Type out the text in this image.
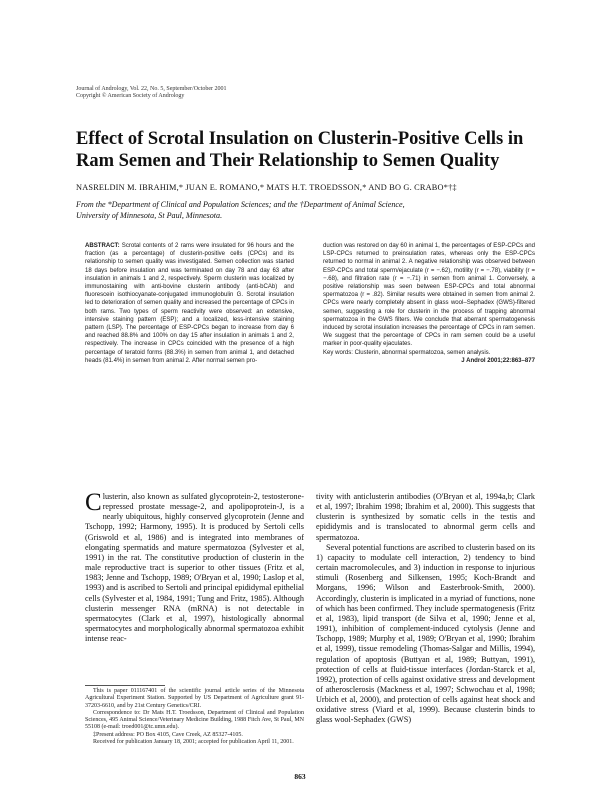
Journal of Andrology, Vol. 22, No. 5, September/October 2001
Copyright © American Society of Andrology
Effect of Scrotal Insulation on Clusterin-Positive Cells in
Ram Semen and Their Relationship to Semen Quality
NASRELDIN M. IBRAHIM,* JUAN E. ROMANO,* MATS H.T. TROEDSSON,* AND BO G. CRABO*†‡
From the *Department of Clinical and Population Sciences; and the †Department of Animal Science,
University of Minnesota, St Paul, Minnesota.

ABSTRACT: Scrotal contents of 2 rams were insulated for 96 hours and the fraction (as a percentage) of clusterin-positive cells (CPCs) and its relationship to semen quality was investigated. Semen collection was started 18 days before insulation and was terminated on day 78 and day 63 after insulation in animals 1 and 2, respectively. Sperm clusterin was localized by immunostaining with anti-bovine clusterin antibody (anti-bCAb) and fluorescein isothiocyanate-conjugated immunoglobulin G. Scrotal insulation led to deterioration of semen quality and increased the percentage of CPCs in both rams. Two types of sperm reactivity were observed: an extensive, intensive staining pattern (ESP); and a localized, less-intensive staining pattern (LSP). The percentage of ESP-CPCs began to increase from day 6 and reached 88.8% and 100% on day 15 after insulation in animals 1 and 2, respectively. The increase in CPCs coincided with the presence of a high percentage of teratoid forms (88.3%) in semen from animal 1, and detached heads (81.4%) in semen from animal 2. After normal semen pro-

duction was restored on day 60 in animal 1, the percentages of ESP-CPCs and LSP-CPCs returned to preinsulation rates, whereas only the ESP-CPCs returned to normal in animal 2. A negative relationship was observed between ESP-CPCs and total sperm/ejaculate (r = −.62), motility (r = −.78), viability (r = −.68), and filtration rate (r = −.71) in semen from animal 1. Conversely, a positive relationship was seen between ESP-CPCs and total abnormal spermatozoa (r = .82). Similar results were obtained in semen from animal 2. CPCs were nearly completely absent in glass wool–Sephadex (GWS)-filtered semen, suggesting a role for clusterin in the process of trapping abnormal spermatozoa in the GWS filters. We conclude that aberrant spermatogenesis induced by scrotal insulation increases the percentage of CPCs in ram semen. We suggest that the percentage of CPCs in ram semen could be a useful marker in poor-quality ejaculates.

Key words: Clusterin, abnormal spermatozoa, semen analysis.

J Androl 2001;22:863–877

Clusterin, also known as sulfated glycoprotein-2, testosterone-repressed prostate message-2, and apolipoprotein-J, is a nearly ubiquitous, highly conserved glycoprotein (Jenne and Tschopp, 1992; Harmony, 1995). It is produced by Sertoli cells (Griswold et al, 1986) and is integrated into membranes of elongating spermatids and mature spermatozoa (Sylvester et al, 1991) in the rat. The constitutive production of clusterin in the male reproductive tract is superior to other tissues (Fritz et al, 1983; Jenne and Tschopp, 1989; O'Bryan et al, 1990; Laslop et al, 1993) and is ascribed to Sertoli and principal epididymal epithelial cells (Sylvester et al, 1984, 1991; Tung and Fritz, 1985). Although clusterin messenger RNA (mRNA) is not detectable in spermatocytes (Clark et al, 1997), histologically abnormal spermatocytes and morphologically abnormal spermatozoa exhibit intense reac-

tivity with anticlusterin antibodies (O'Bryan et al, 1994a,b; Clark et al, 1997; Ibrahim 1998; Ibrahim et al, 2000). This suggests that clusterin is synthesized by somatic cells in the testis and epididymis and is translocated to abnormal germ cells and spermatozoa.

Several potential functions are ascribed to clusterin based on its 1) capacity to modulate cell interaction, 2) tendency to bind certain macromolecules, and 3) induction in response to injurious stimuli (Rosenberg and Silkensen, 1995; Koch-Brandt and Morgans, 1996; Wilson and Easterbrook-Smith, 2000). Accordingly, clusterin is implicated in a myriad of functions, none of which has been confirmed. They include spermatogenesis (Fritz et al, 1983), lipid transport (de Silva et al, 1990; Jenne et al, 1991), inhibition of complement-induced cytolysis (Jenne and Tschopp, 1989; Murphy et al, 1989; O'Bryan et al, 1990; Ibrahim et al, 1999), tissue remodeling (Thomas-Salgar and Millis, 1994), regulation of apoptosis (Buttyan et al, 1989; Buttyan, 1991), protection of cells at fluid-tissue interfaces (Jordan-Starck et al, 1992), protection of cells against oxidative stress and development of atherosclerosis (Mackness et al, 1997; Schwochau et al, 1998; Urbich et al, 2000), and protection of cells against heat shock and oxidative stress (Viard et al, 1999). Because clusterin binds to glass wool-Sephadex (GWS)

This is paper 011167401 of the scientific journal article series of the Minnesota Agricultural Experiment Station. Supported by US Department of Agriculture grant 91-37203-6610, and by 21st Century Genetics/CRI.

Correspondence to: Dr Mats H.T. Troedsson, Department of Clinical and Population Sciences, 495 Animal Science/Veterinary Medicine Building, 1988 Fitch Ave, St Paul, MN 55108 (e-mail: troed001@tc.umn.edu).

‡Present address: PO Box 4105, Cave Creek, AZ 85327-4105.

Received for publication January 18, 2001; accepted for publication April 11, 2001.

863
